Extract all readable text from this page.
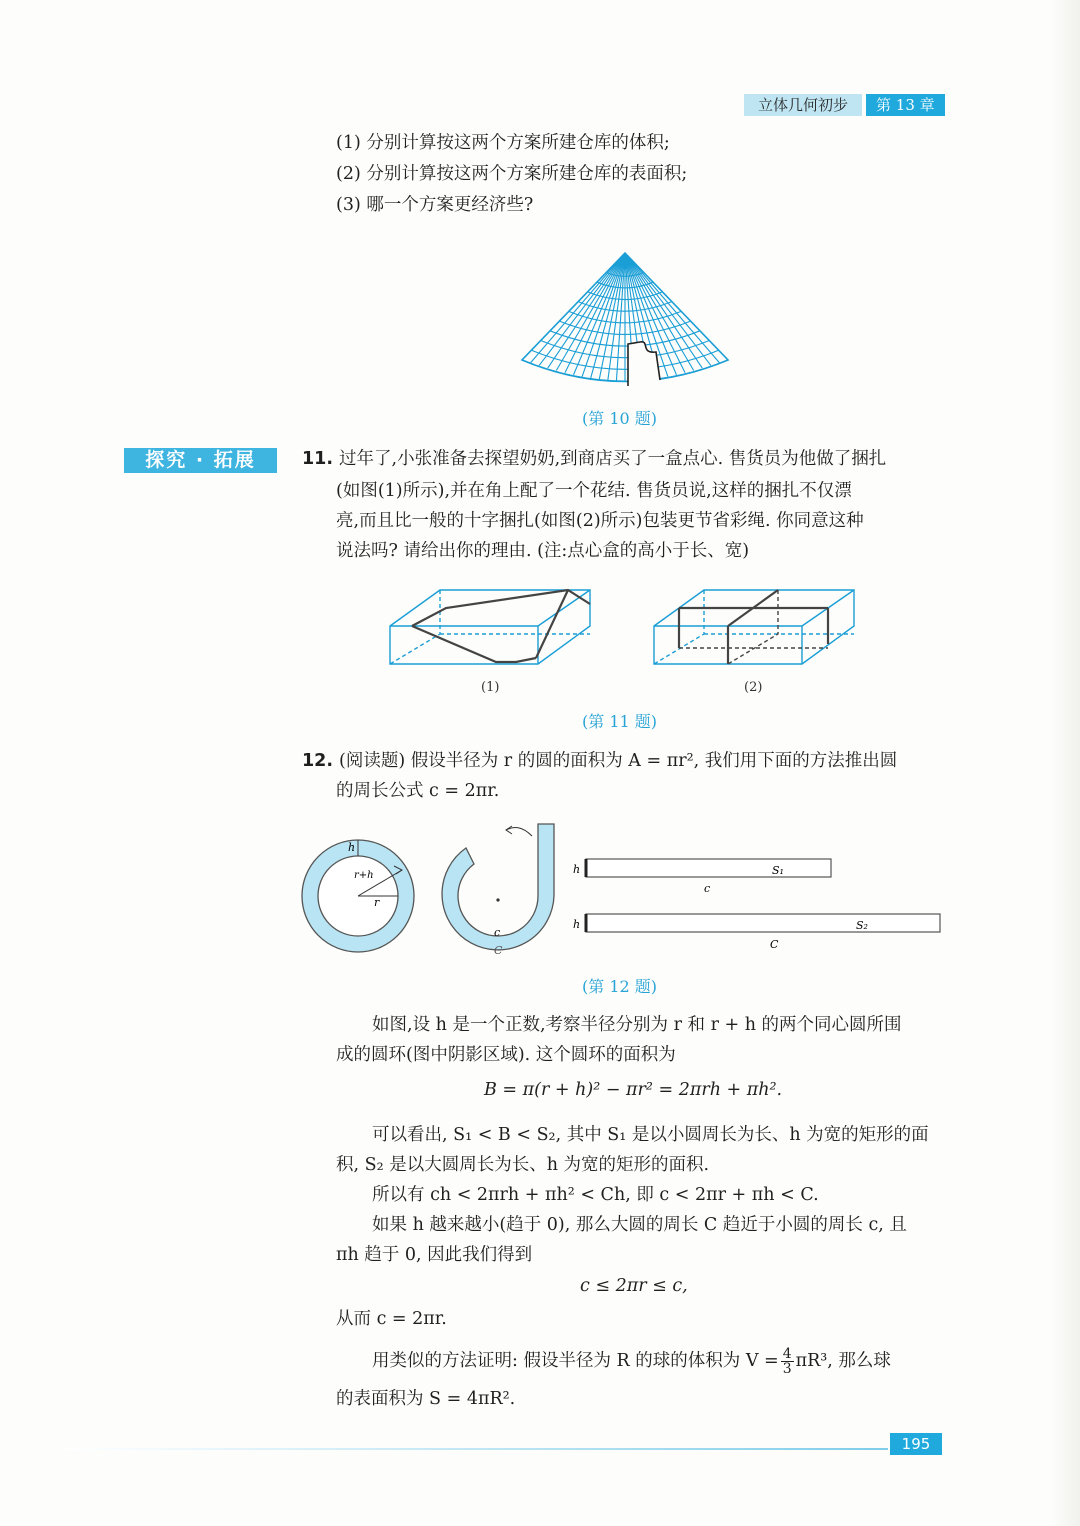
立体几何初步	第 13 章
(1) 分别计算按这两个方案所建仓库的体积;
(2) 分别计算按这两个方案所建仓库的表面积;
(3) 哪一个方案更经济些?
(第 10 题)
探究 · 拓展	11. 过年了,小张准备去探望奶奶,到商店买了一盒点心. 售货员为他做了捆扎
(如图(1)所示),并在角上配了一个花结. 售货员说,这样的捆扎不仅漂
亮,而且比一般的十字捆扎(如图(2)所示)包装更节省彩绳. 你同意这种
说法吗? 请给出你的理由. (注:点心盒的高小于长、宽)
(1)	(2)
(第 11 题)
12. (阅读题) 假设半径为 r 的圆的面积为 A = πr², 我们用下面的方法推出圆
的周长公式 c = 2πr.
h
r+h
r
c
C
h	S₁
c
h	S₂
C
(第 12 题)
如图,设 h 是一个正数,考察半径分别为 r 和 r + h 的两个同心圆所围
成的圆环(图中阴影区域). 这个圆环的面积为
B = π(r + h)² − πr² = 2πrh + πh².
可以看出, S₁ < B < S₂, 其中 S₁ 是以小圆周长为长、h 为宽的矩形的面
积, S₂ 是以大圆周长为长、h 为宽的矩形的面积.
所以有 ch < 2πrh + πh² < Ch, 即 c < 2πr + πh < C.
如果 h 越来越小(趋于 0), 那么大圆的周长 C 趋近于小圆的周长 c, 且
πh 趋于 0, 因此我们得到
c ≤ 2πr ≤ c,
从而 c = 2πr.
用类似的方法证明: 假设半径为 R 的球的体积为 $V = \frac{4}{3} \pi R^3$, 那么球
的表面积为 S = 4πR².
195
